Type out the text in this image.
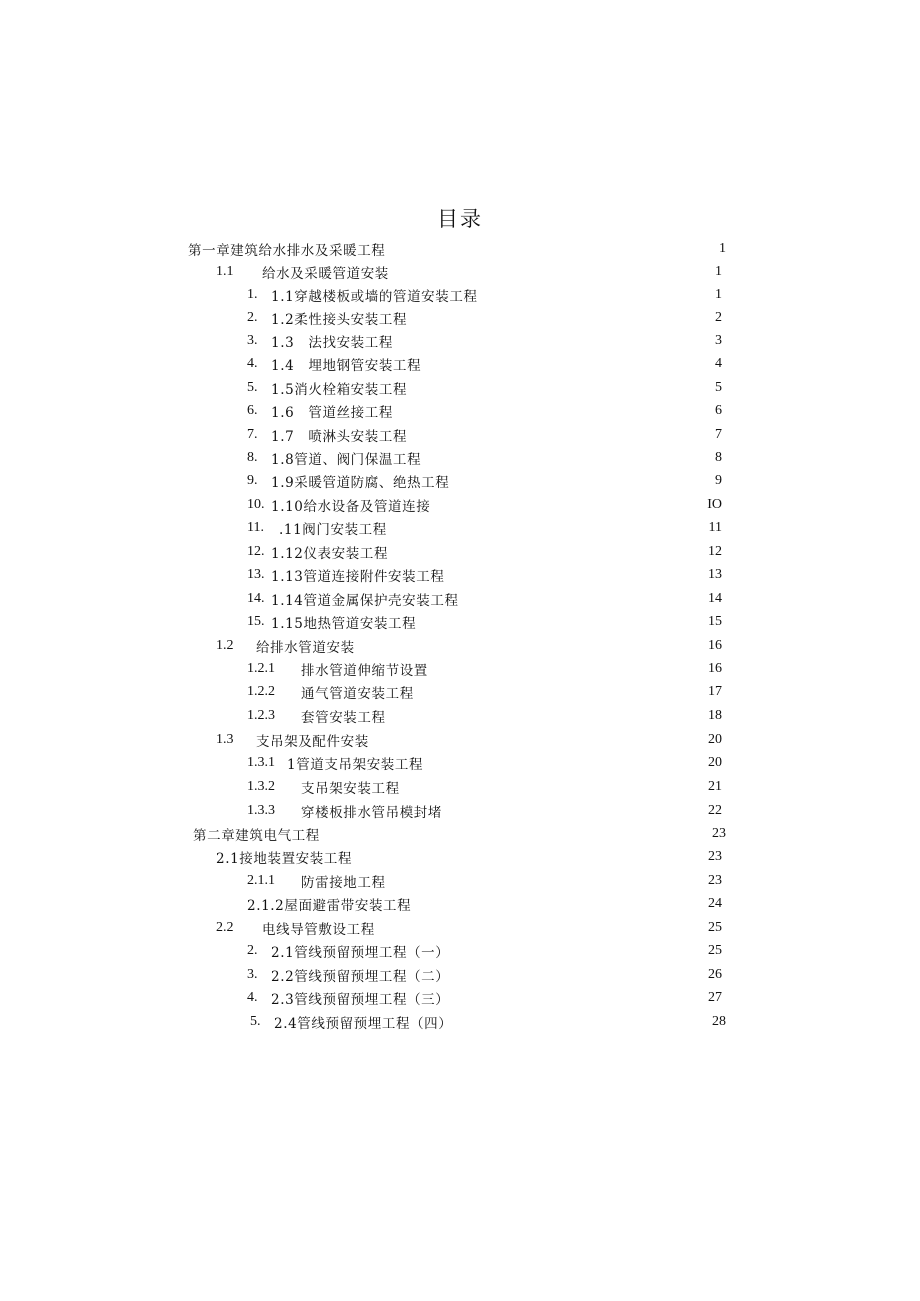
目录
第一章建筑给水排水及采暖工程	1
1.1	给水及采暖管道安装	1
1.	1.1穿越楼板或墙的管道安装工程	1
2.	1.2柔性接头安装工程	2
3.	1.3　法找安装工程	3
4.	1.4　埋地钢管安装工程	4
5.	1.5消火栓箱安装工程	5
6.	1.6　管道丝接工程	6
7.	1.7　喷淋头安装工程	7
8.	1.8管道、阀门保温工程	8
9.	1.9采暖管道防腐、绝热工程	9
10. 1.10给水设备及管道连接	IO
11.	.11阀门安装工程	11
12. 1.12仪表安装工程	12
13. 1.13管道连接附件安装工程	13
14. 1.14管道金属保护壳安装工程	14
15. 1.15地热管道安装工程	15
1.2	给排水管道安装	16
1.2.1	排水管道伸缩节设置	16
1.2.2	通气管道安装工程	17
1.2.3	套管安装工程	18
1.3	支吊架及配件安装	20
1.3.1 1管道支吊架安装工程	20
1.3.2	支吊架安装工程	21
1.3.3	穿楼板排水管吊模封堵	22
第二章建筑电气工程	23
2.1接地装置安装工程	23
2.1.1	防雷接地工程	23
2.1.2屋面避雷带安装工程	24
2.2	电线导管敷设工程	25
2.	2.1管线预留预埋工程（一）	25
3.	2.2管线预留预埋工程（二）	26
4.	2.3管线预留预埋工程（三）	27
5.	2.4管线预留预埋工程（四）	28
